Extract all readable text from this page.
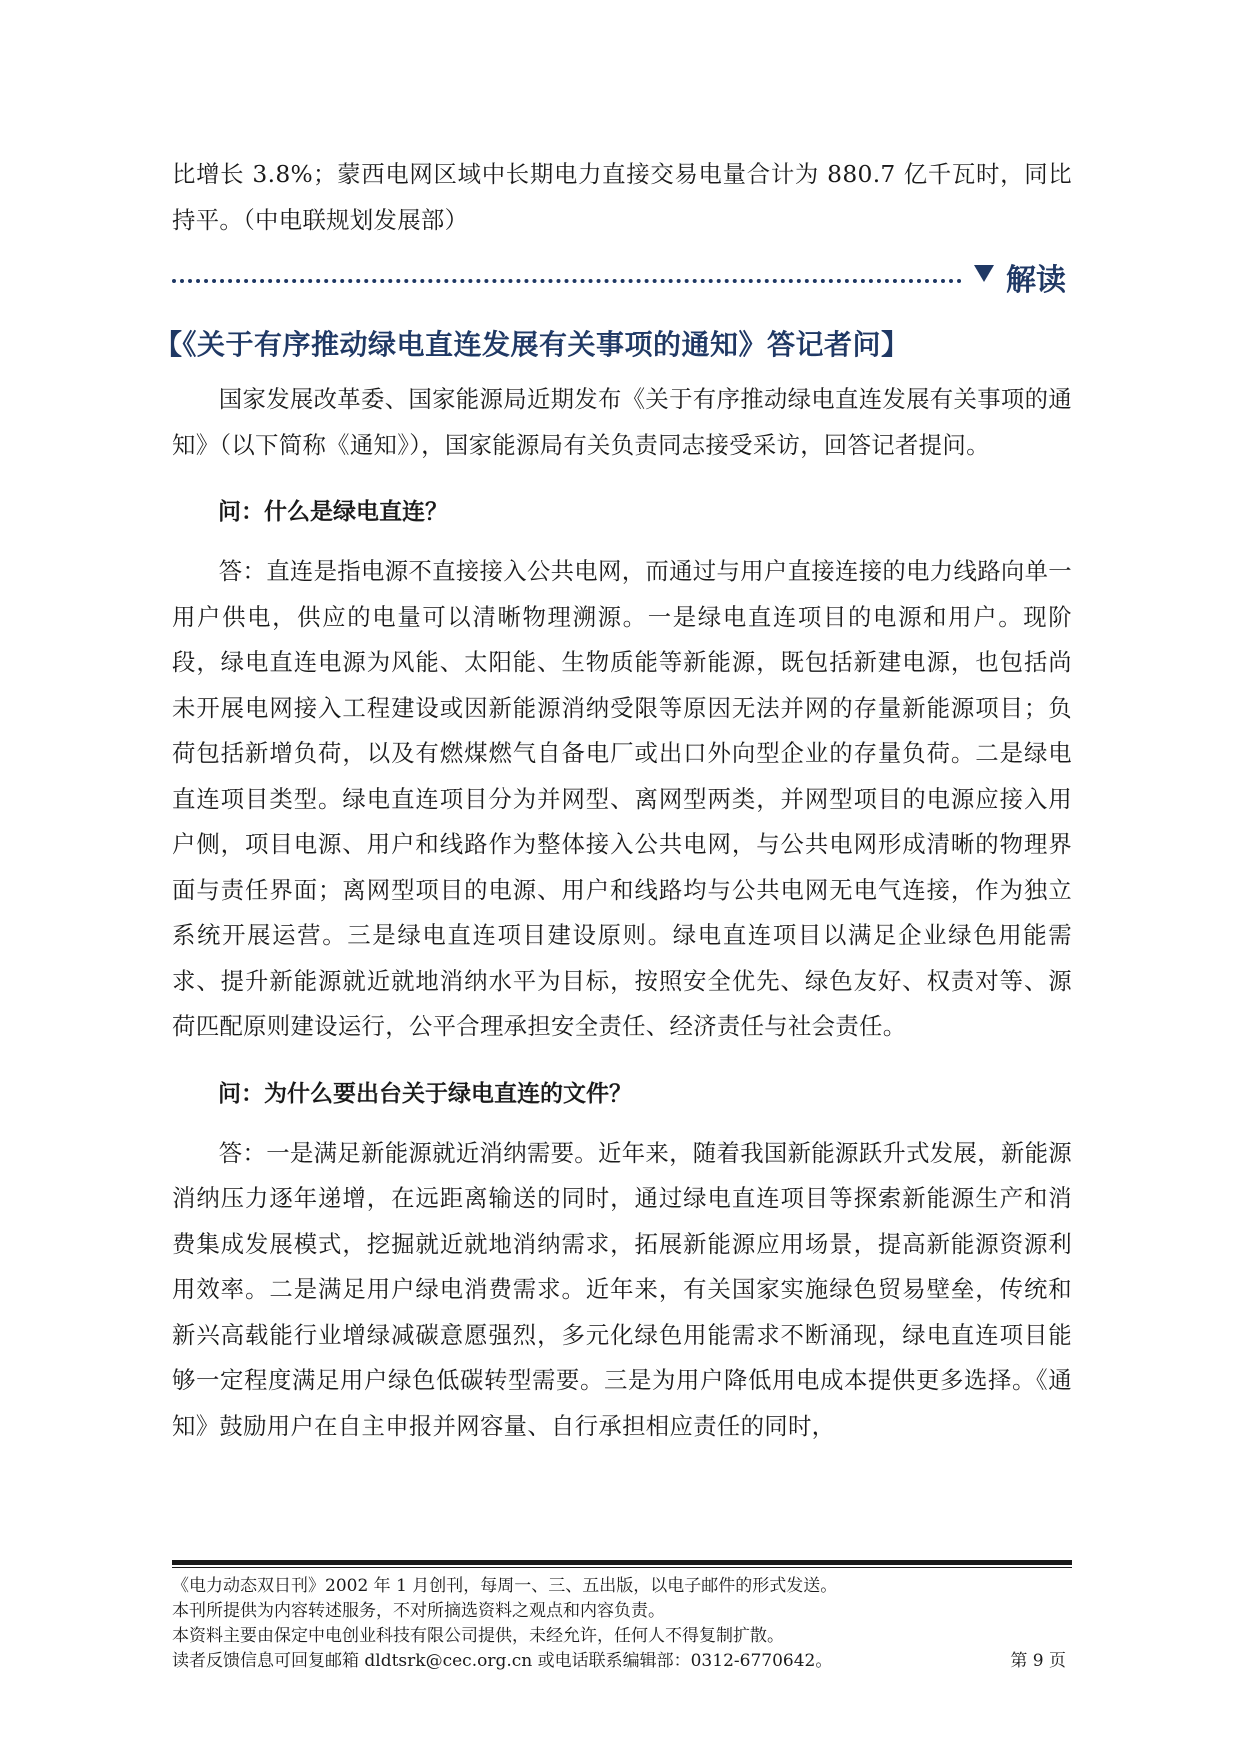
比增长 3.8%；蒙西电网区域中长期电力直接交易电量合计为 880.7 亿千瓦时，同比持平。（中电联规划发展部）

解读
【《关于有序推动绿电直连发展有关事项的通知》答记者问】

国家发展改革委、国家能源局近期发布《关于有序推动绿电直连发展有关事项的通知》（以下简称《通知》），国家能源局有关负责同志接受采访，回答记者提问。

问：什么是绿电直连？

答：直连是指电源不直接接入公共电网，而通过与用户直接连接的电力线路向单一用户供电，供应的电量可以清晰物理溯源。一是绿电直连项目的电源和用户。现阶段，绿电直连电源为风能、太阳能、生物质能等新能源，既包括新建电源，也包括尚未开展电网接入工程建设或因新能源消纳受限等原因无法并网的存量新能源项目；负荷包括新增负荷，以及有燃煤燃气自备电厂或出口外向型企业的存量负荷。二是绿电直连项目类型。绿电直连项目分为并网型、离网型两类，并网型项目的电源应接入用户侧，项目电源、用户和线路作为整体接入公共电网，与公共电网形成清晰的物理界面与责任界面；离网型项目的电源、用户和线路均与公共电网无电气连接，作为独立系统开展运营。三是绿电直连项目建设原则。绿电直连项目以满足企业绿色用能需求、提升新能源就近就地消纳水平为目标，按照安全优先、绿色友好、权责对等、源荷匹配原则建设运行，公平合理承担安全责任、经济责任与社会责任。

问：为什么要出台关于绿电直连的文件？

答：一是满足新能源就近消纳需要。近年来，随着我国新能源跃升式发展，新能源消纳压力逐年递增，在远距离输送的同时，通过绿电直连项目等探索新能源生产和消费集成发展模式，挖掘就近就地消纳需求，拓展新能源应用场景，提高新能源资源利用效率。二是满足用户绿电消费需求。近年来，有关国家实施绿色贸易壁垒，传统和新兴高载能行业增绿减碳意愿强烈，多元化绿色用能需求不断涌现，绿电直连项目能够一定程度满足用户绿色低碳转型需要。三是为用户降低用电成本提供更多选择。《通知》鼓励用户在自主申报并网容量、自行承担相应责任的同时，

《电力动态双日刊》2002 年 1 月创刊，每周一、三、五出版，以电子邮件的形式发送。
本刊所提供为内容转述服务，不对所摘选资料之观点和内容负责。
本资料主要由保定中电创业科技有限公司提供，未经允许，任何人不得复制扩散。
读者反馈信息可回复邮箱 dldtsrk@cec.org.cn 或电话联系编辑部：0312-6770642。	第 9 页
